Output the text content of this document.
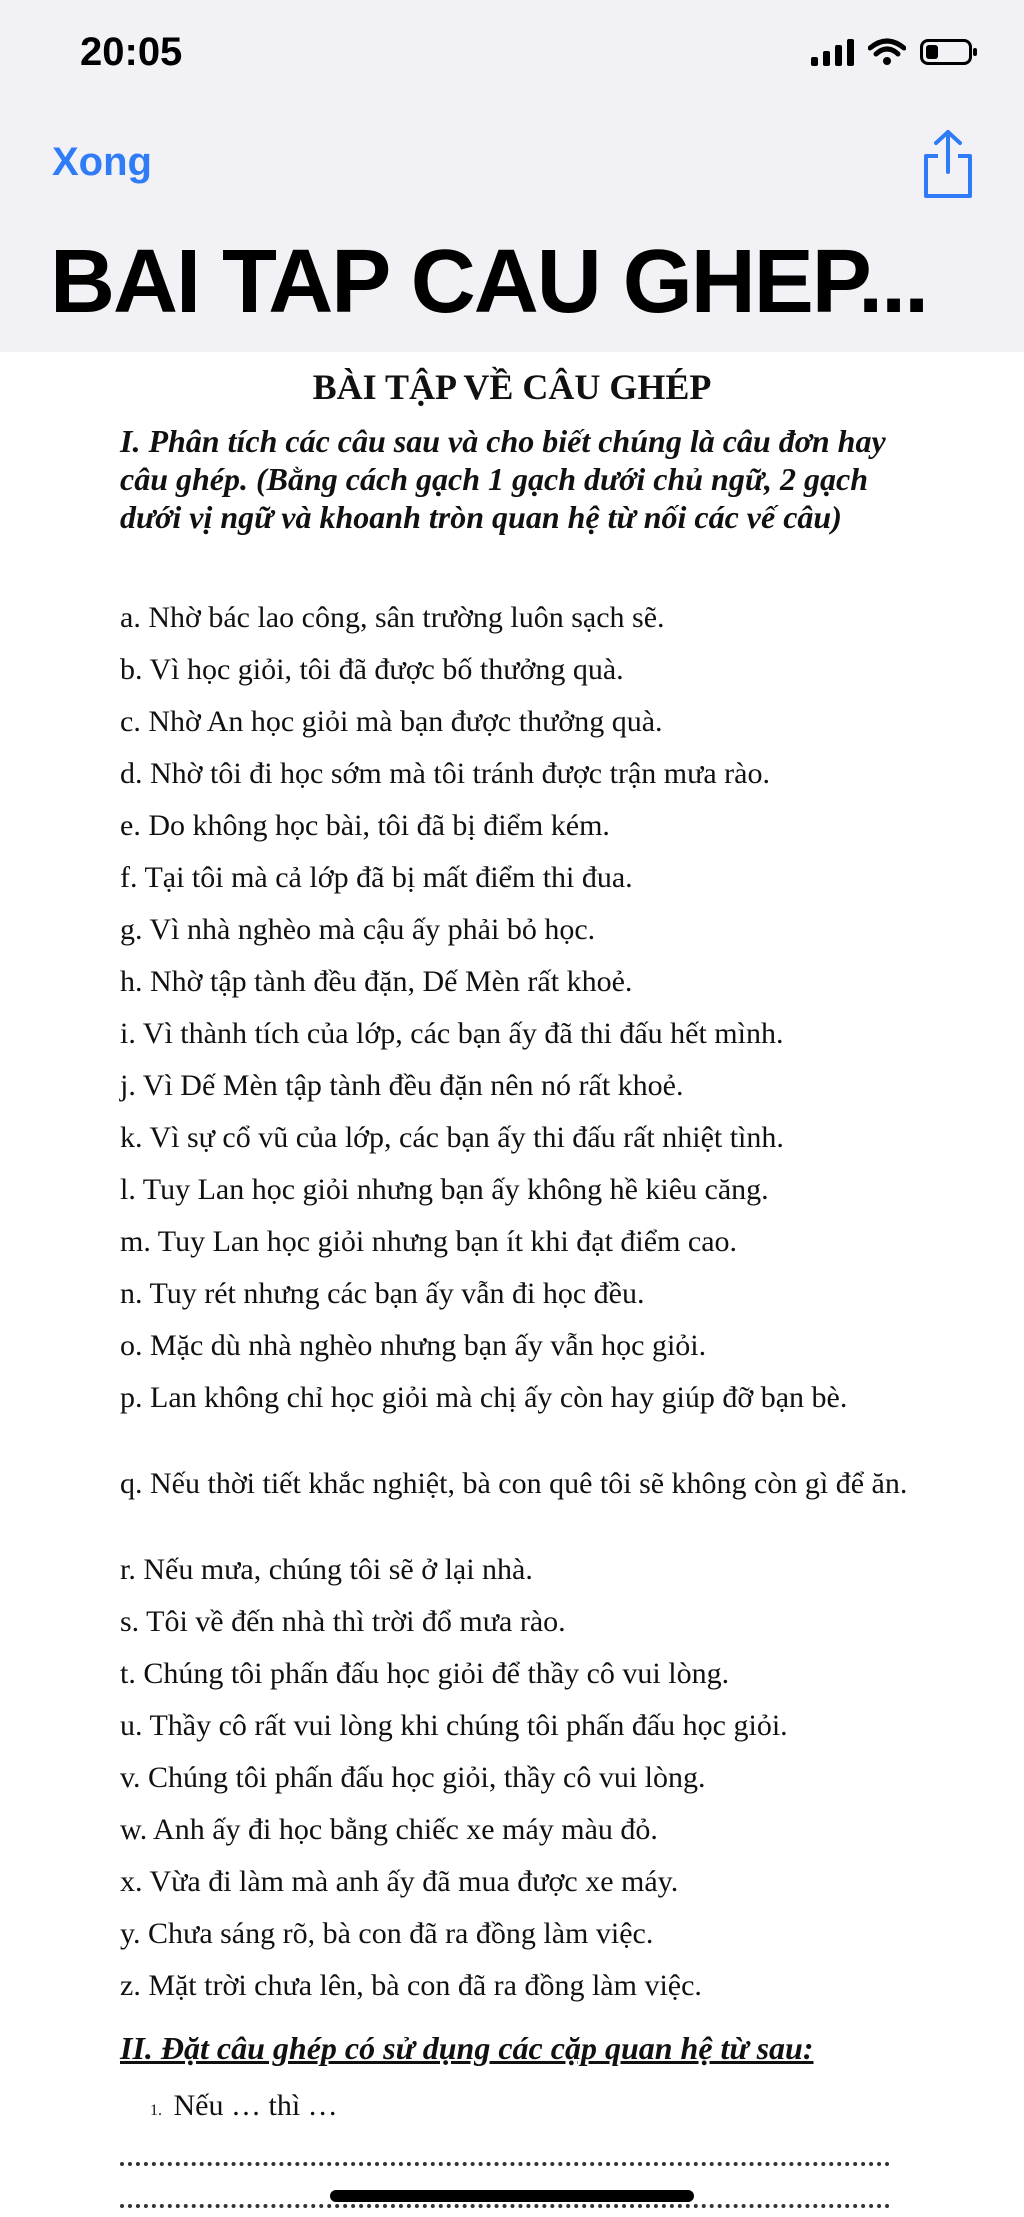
20:05
Xong
BAI TAP CAU GHEP...
BÀI TẬP VỀ CÂU GHÉP
I. Phân tích các câu sau và cho biết chúng là câu đơn hay câu ghép. (Bằng cách gạch 1 gạch dưới chủ ngữ, 2 gạch dưới vị ngữ và khoanh tròn quan hệ từ nối các vế câu)
a. Nhờ bác lao công, sân trường luôn sạch sẽ.
b. Vì học giỏi, tôi đã được bố thưởng quà.
c. Nhờ An học giỏi mà bạn được thưởng quà.
d. Nhờ tôi đi học sớm mà tôi tránh được trận mưa rào.
e. Do không học bài, tôi đã bị điểm kém.
f. Tại tôi mà cả lớp đã bị mất điểm thi đua.
g. Vì nhà nghèo mà cậu ấy phải bỏ học.
h. Nhờ tập tành đều đặn, Dế Mèn rất khoẻ.
i. Vì thành tích của lớp, các bạn ấy đã thi đấu hết mình.
j. Vì Dế Mèn tập tành đều đặn nên nó rất khoẻ.
k. Vì sự cổ vũ của lớp, các bạn ấy thi đấu rất nhiệt tình.
l. Tuy Lan học giỏi nhưng bạn ấy không hề kiêu căng.
m. Tuy Lan học giỏi nhưng bạn ít khi đạt điểm cao.
n. Tuy rét nhưng các bạn ấy vẫn đi học đều.
o. Mặc dù nhà nghèo nhưng bạn ấy vẫn học giỏi.
p. Lan không chỉ học giỏi mà chị ấy còn hay giúp đỡ bạn bè.
q. Nếu thời tiết khắc nghiệt, bà con quê tôi sẽ không còn gì để ăn.
r. Nếu mưa, chúng tôi sẽ ở lại nhà.
s. Tôi về đến nhà thì trời đổ mưa rào.
t. Chúng tôi phấn đấu học giỏi để thầy cô vui lòng.
u. Thầy cô rất vui lòng khi chúng tôi phấn đấu học giỏi.
v. Chúng tôi phấn đấu học giỏi, thầy cô vui lòng.
w. Anh ấy đi học bằng chiếc xe máy màu đỏ.
x. Vừa đi làm mà anh ấy đã mua được xe máy.
y. Chưa sáng rõ, bà con đã ra đồng làm việc.
z. Mặt trời chưa lên, bà con đã ra đồng làm việc.
II. Đặt câu ghép có sử dụng các cặp quan hệ từ sau:
1. Nếu … thì …
